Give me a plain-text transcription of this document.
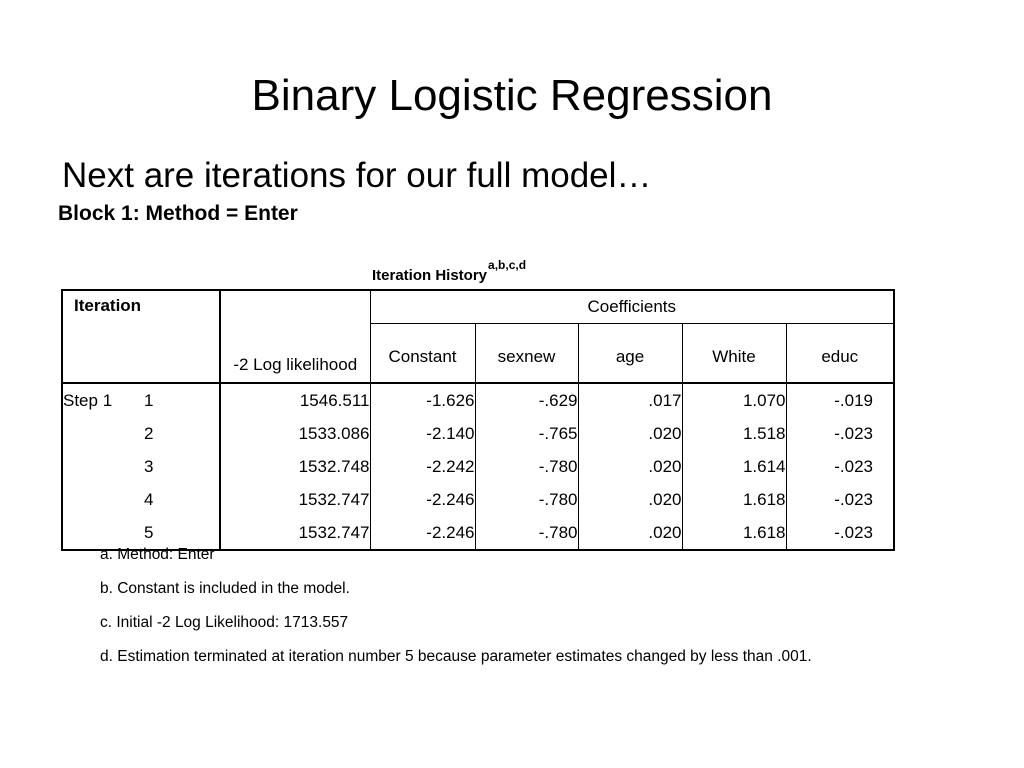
Binary Logistic Regression
Next are iterations for our full model…
Block 1: Method = Enter
Iteration History$^{a,b,c,d}$
Iteration		-2 Log likelihood	Coefficients				
			Constant	sexnew	age	White	educ
Step 1	1	1546.511	-1.626	-.629	.017	1.070	-.019
	2	1533.086	-2.140	-.765	.020	1.518	-.023
	3	1532.748	-2.242	-.780	.020	1.614	-.023
	4	1532.747	-2.246	-.780	.020	1.618	-.023
	5	1532.747	-2.246	-.780	.020	1.618	-.023

a. Method: Enter

b. Constant is included in the model.

c. Initial -2 Log Likelihood: 1713.557

d. Estimation terminated at iteration number 5 because parameter estimates changed by less than .001.
